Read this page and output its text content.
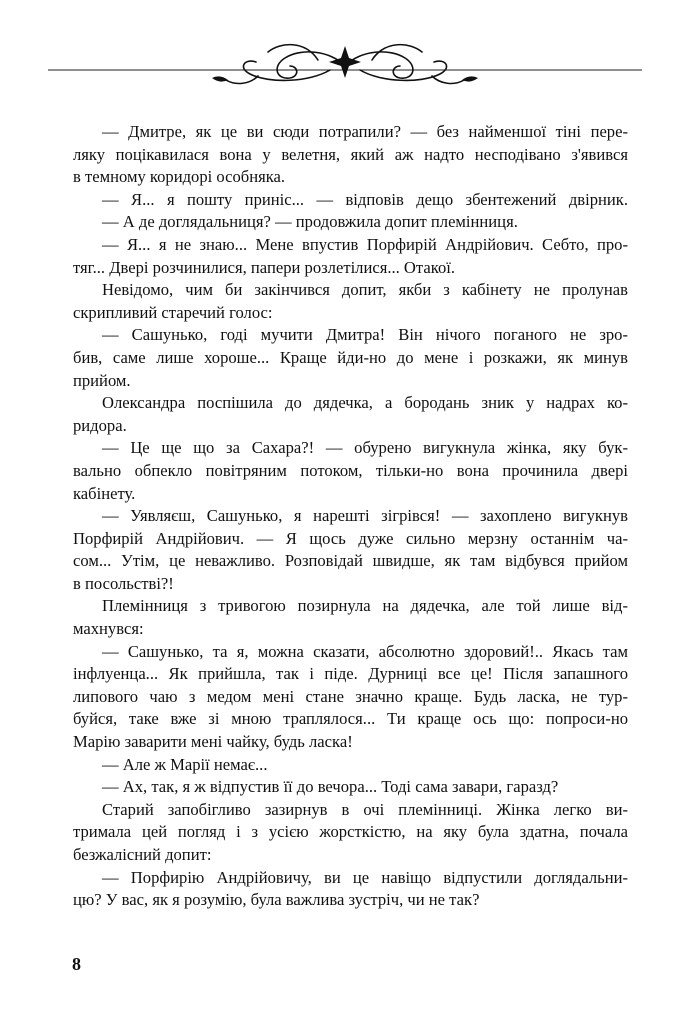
— Дмитре, як це ви сюди потрапили? — без найменшої тіні пере-
ляку поцікавилася вона у велетня, який аж надто несподівано з'явився
в темному коридорі особняка.
— Я... я пошту приніс... — відповів дещо збентежений двірник.
— А де доглядальниця? — продовжила допит племінниця.
— Я... я не знаю... Мене впустив Порфирій Андрійович. Себто, про-
тяг... Двері розчинилися, папери розлетілися... Отакої.
Невідомо, чим би закінчився допит, якби з кабінету не пролунав
скрипливий старечий голос:
— Сашунько, годі мучити Дмитра! Він нічого поганого не зро-
бив, саме лише хороше... Краще йди-но до мене і розкажи, як минув
прийом.
Олександра поспішила до дядечка, а бородань зник у надрах ко-
ридора.
— Це ще що за Сахара?! — обурено вигукнула жінка, яку бук-
вально обпекло повітряним потоком, тільки-но вона прочинила двері
кабінету.
— Уявляєш, Сашунько, я нарешті зігрівся! — захоплено вигукнув
Порфирій Андрійович. — Я щось дуже сильно мерзну останнім ча-
сом... Утім, це неважливо. Розповідай швидше, як там відбувся прийом
в посольстві?!
Племінниця з тривогою позирнула на дядечка, але той лише від-
махнувся:
— Сашунько, та я, можна сказати, абсолютно здоровий!.. Якась там
інфлуенца... Як прийшла, так і піде. Дурниці все це! Після запашного
липового чаю з медом мені стане значно краще. Будь ласка, не тур-
буйся, таке вже зі мною траплялося... Ти краще ось що: попроси-но
Марію заварити мені чайку, будь ласка!
— Але ж Марії немає...
— Ах, так, я ж відпустив її до вечора... Тоді сама завари, гаразд?
Старий запобігливо зазирнув в очі племінниці. Жінка легко ви-
тримала цей погляд і з усією жорсткістю, на яку була здатна, почала
безжалісний допит:
— Порфирію Андрійовичу, ви це навіщо відпустили доглядальни-
цю? У вас, як я розумію, була важлива зустріч, чи не так?
8
